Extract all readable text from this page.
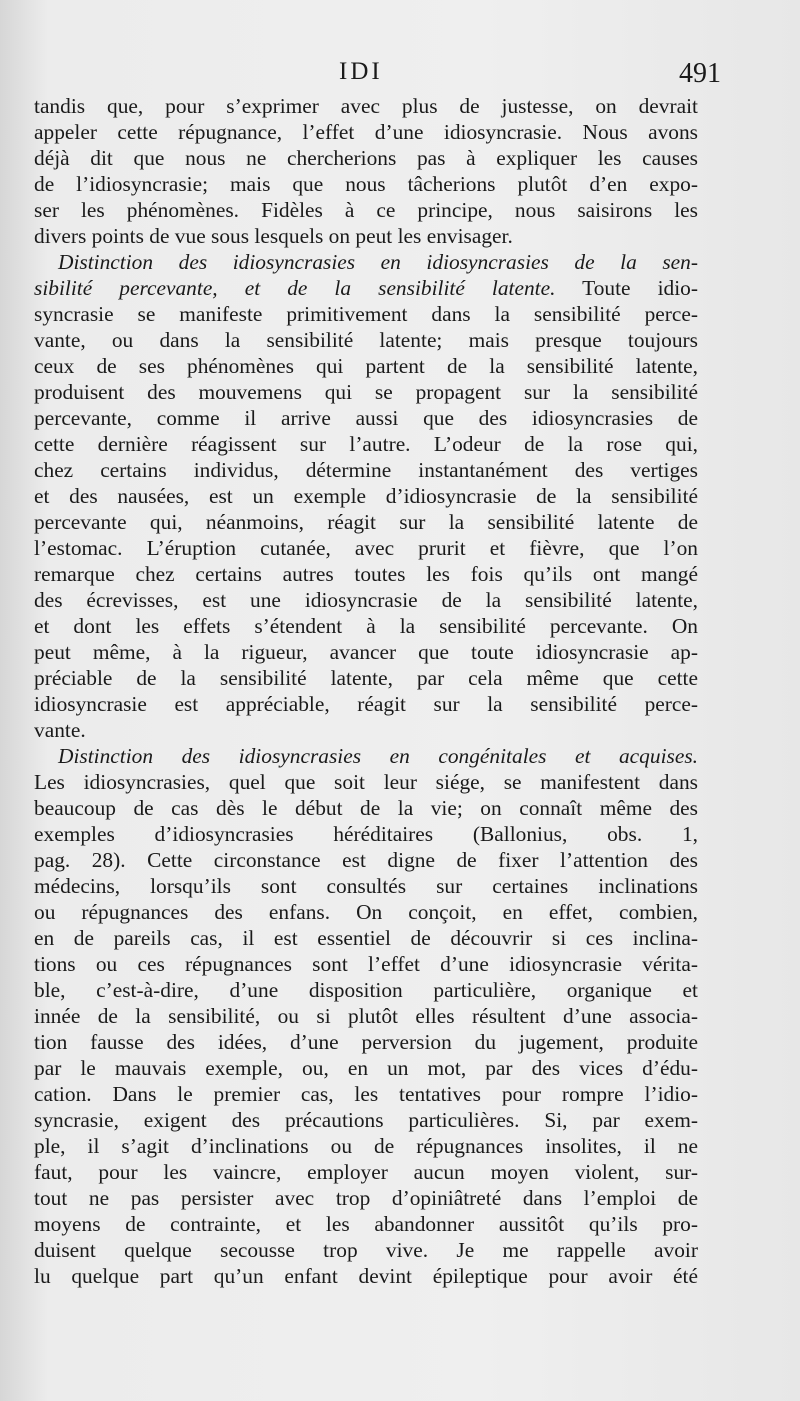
IDI	491
tandis que, pour s’exprimer avec plus de justesse, on devrait
appeler cette répugnance, l’effet d’une idiosyncrasie. Nous avons
déjà dit que nous ne chercherions pas à expliquer les causes
de l’idiosyncrasie; mais que nous tâcherions plutôt d’en expo-
ser les phénomènes. Fidèles à ce principe, nous saisirons les
divers points de vue sous lesquels on peut les envisager.
Distinction des idiosyncrasies en idiosyncrasies de la sen-
sibilité percevante, et de la sensibilité latente. Toute idio-
syncrasie se manifeste primitivement dans la sensibilité perce-
vante, ou dans la sensibilité latente; mais presque toujours
ceux de ses phénomènes qui partent de la sensibilité latente,
produisent des mouvemens qui se propagent sur la sensibilité
percevante, comme il arrive aussi que des idiosyncrasies de
cette dernière réagissent sur l’autre. L’odeur de la rose qui,
chez certains individus, détermine instantanément des vertiges
et des nausées, est un exemple d’idiosyncrasie de la sensibilité
percevante qui, néanmoins, réagit sur la sensibilité latente de
l’estomac. L’éruption cutanée, avec prurit et fièvre, que l’on
remarque chez certains autres toutes les fois qu’ils ont mangé
des écrevisses, est une idiosyncrasie de la sensibilité latente,
et dont les effets s’étendent à la sensibilité percevante. On
peut même, à la rigueur, avancer que toute idiosyncrasie ap-
préciable de la sensibilité latente, par cela même que cette
idiosyncrasie est appréciable, réagit sur la sensibilité perce-
vante.
Distinction des idiosyncrasies en congénitales et acquises.
Les idiosyncrasies, quel que soit leur siége, se manifestent dans
beaucoup de cas dès le début de la vie; on connaît même des
exemples d’idiosyncrasies héréditaires (Ballonius, obs. 1,
pag. 28). Cette circonstance est digne de fixer l’attention des
médecins, lorsqu’ils sont consultés sur certaines inclinations
ou répugnances des enfans. On conçoit, en effet, combien,
en de pareils cas, il est essentiel de découvrir si ces inclina-
tions ou ces répugnances sont l’effet d’une idiosyncrasie vérita-
ble, c’est-à-dire, d’une disposition particulière, organique et
innée de la sensibilité, ou si plutôt elles résultent d’une associa-
tion fausse des idées, d’une perversion du jugement, produite
par le mauvais exemple, ou, en un mot, par des vices d’édu-
cation. Dans le premier cas, les tentatives pour rompre l’idio-
syncrasie, exigent des précautions particulières. Si, par exem-
ple, il s’agit d’inclinations ou de répugnances insolites, il ne
faut, pour les vaincre, employer aucun moyen violent, sur-
tout ne pas persister avec trop d’opiniâtreté dans l’emploi de
moyens de contrainte, et les abandonner aussitôt qu’ils pro-
duisent quelque secousse trop vive. Je me rappelle avoir
lu quelque part qu’un enfant devint épileptique pour avoir été
